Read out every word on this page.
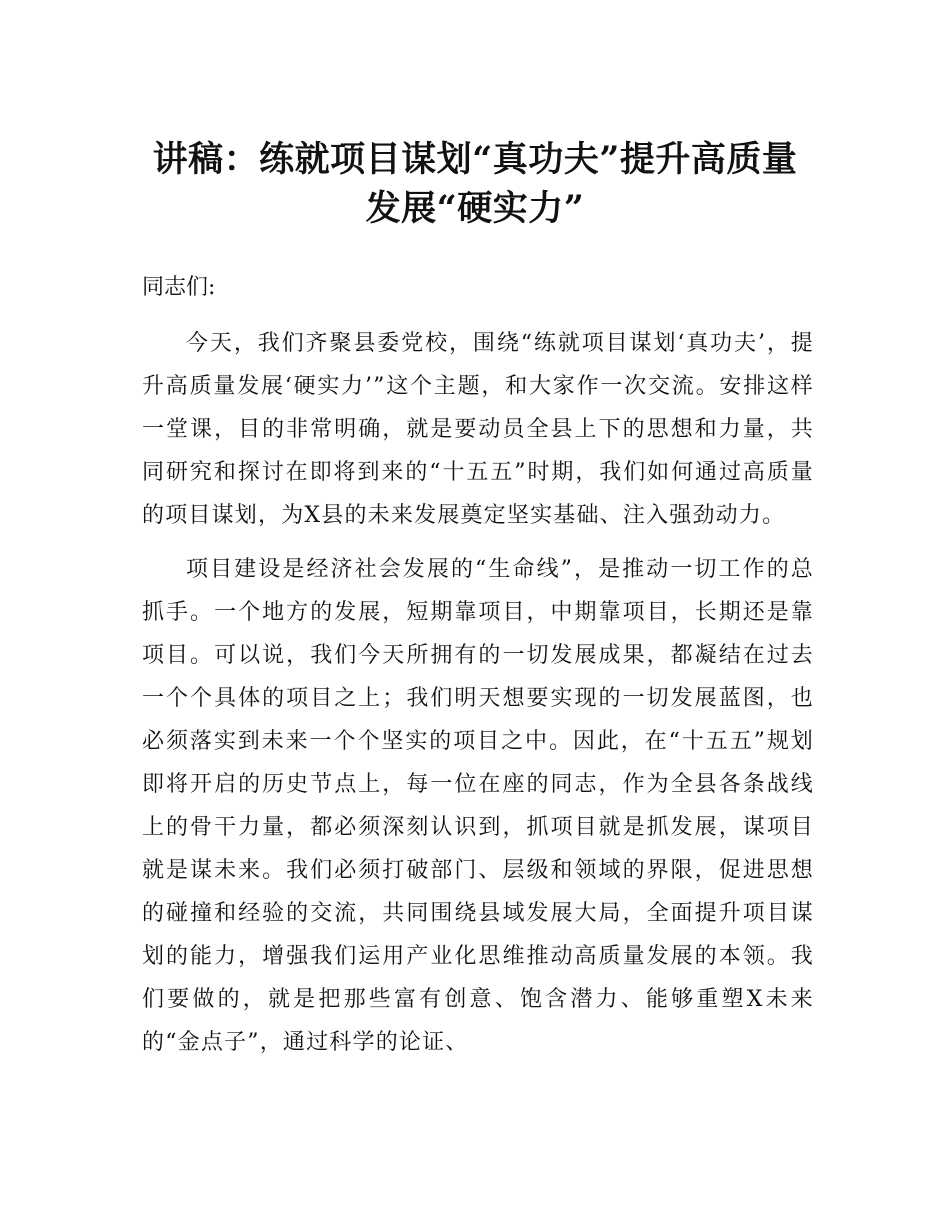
讲稿：练就项目谋划“真功夫”提升高质量
发展“硬实力”
同志们:

今天，我们齐聚县委党校，围绕“练就项目谋划‘真功夫’，提升高质量发展‘硬实力’”这个主题，和大家作一次交流。安排这样一堂课，目的非常明确，就是要动员全县上下的思想和力量，共同研究和探讨在即将到来的“十五五”时期，我们如何通过高质量的项目谋划，为X县的未来发展奠定坚实基础、注入强劲动力。

项目建设是经济社会发展的“生命线”，是推动一切工作的总抓手。一个地方的发展，短期靠项目，中期靠项目，长期还是靠项目。可以说，我们今天所拥有的一切发展成果，都凝结在过去一个个具体的项目之上；我们明天想要实现的一切发展蓝图，也必须落实到未来一个个坚实的项目之中。因此，在“十五五”规划即将开启的历史节点上，每一位在座的同志，作为全县各条战线上的骨干力量，都必须深刻认识到，抓项目就是抓发展，谋项目就是谋未来。我们必须打破部门、层级和领域的界限，促进思想的碰撞和经验的交流，共同围绕县域发展大局，全面提升项目谋划的能力，增强我们运用产业化思维推动高质量发展的本领。我们要做的，就是把那些富有创意、饱含潜力、能够重塑X未来的“金点子”，通过科学的论证、
